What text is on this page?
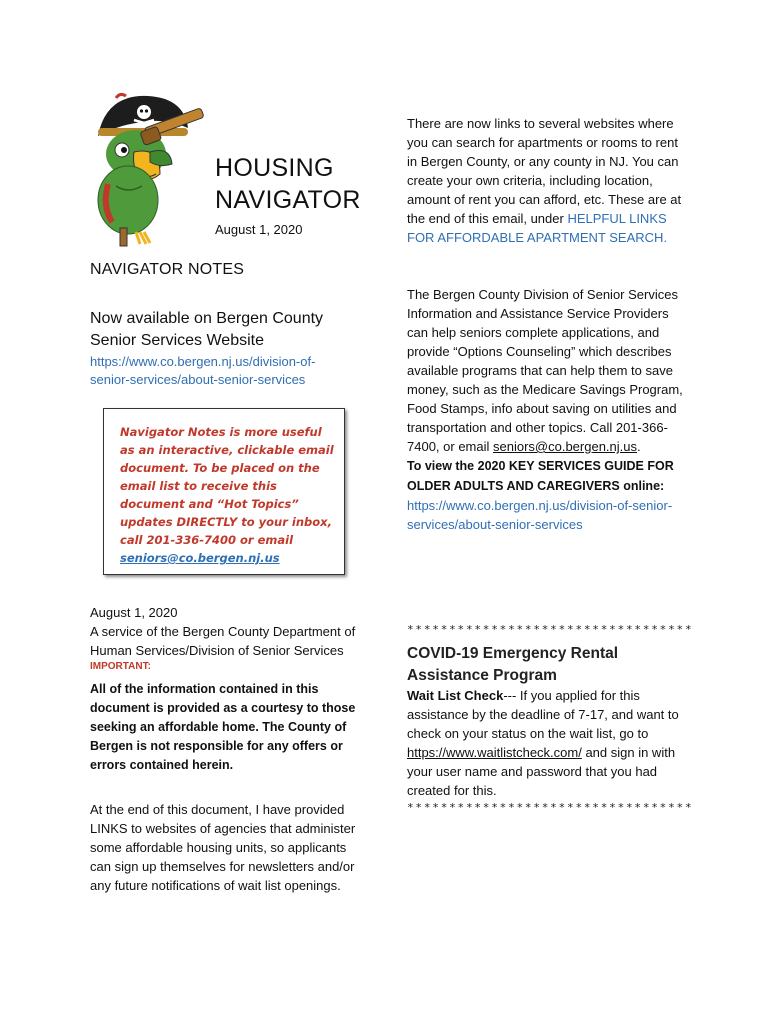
HOUSING
NAVIGATOR
August 1, 2020
NAVIGATOR NOTES
Now available on Bergen County Senior Services Website
https://www.co.bergen.nj.us/division-of-senior-services/about-senior-services
Navigator Notes is more useful as an interactive, clickable email document. To be placed on the email list to receive this document and “Hot Topics” updates DIRECTLY to your inbox, call 201-336-7400 or email seniors@co.bergen.nj.us
August 1, 2020
A service of the Bergen County Department of Human Services/Division of Senior Services
IMPORTANT:
All of the information contained in this document is provided as a courtesy to those seeking an affordable home. The County of Bergen is not responsible for any offers or errors contained herein.
At the end of this document, I have provided LINKS to websites of agencies that administer some affordable housing units, so applicants can sign up themselves for newsletters and/or any future notifications of wait list openings.
There are now links to several websites where you can search for apartments or rooms to rent in Bergen County, or any county in NJ. You can create your own criteria, including location, amount of rent you can afford, etc. These are at the end of this email, under HELPFUL LINKS FOR AFFORDABLE APARTMENT SEARCH.
The Bergen County Division of Senior Services Information and Assistance Service Providers can help seniors complete applications, and provide “Options Counseling” which describes available programs that can help them to save money, such as the Medicare Savings Program, Food Stamps, info about saving on utilities and transportation and other topics. Call 201-366-7400, or email seniors@co.bergen.nj.us.
To view the 2020 KEY SERVICES GUIDE FOR OLDER ADULTS AND CAREGIVERS online:
https://www.co.bergen.nj.us/division-of-senior-services/about-senior-services
**********************************
COVID-19 Emergency Rental Assistance Program
Wait List Check--- If you applied for this assistance by the deadline of 7-17, and want to check on your status on the wait list, go to https://www.waitlistcheck.com/ and sign in with your user name and password that you had created for this.
**********************************
